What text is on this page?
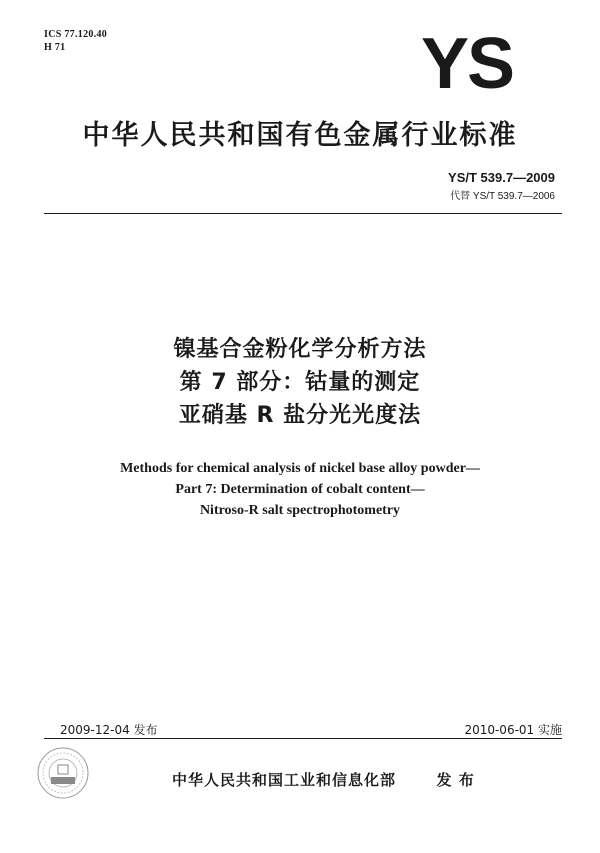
ICS 77.120.40
H 71	YS
中华人民共和国有色金属行业标准
YS/T 539.7—2009
代替 YS/T 539.7—2006
镍基合金粉化学分析方法
第 7 部分：钴量的测定
亚硝基 R 盐分光光度法
Methods for chemical analysis of nickel base alloy powder—
Part 7: Determination of cobalt content—
Nitroso-R salt spectrophotometry
2009-12-04 发布	2010-06-01 实施
中华人民共和国工业和信息化部	发 布
